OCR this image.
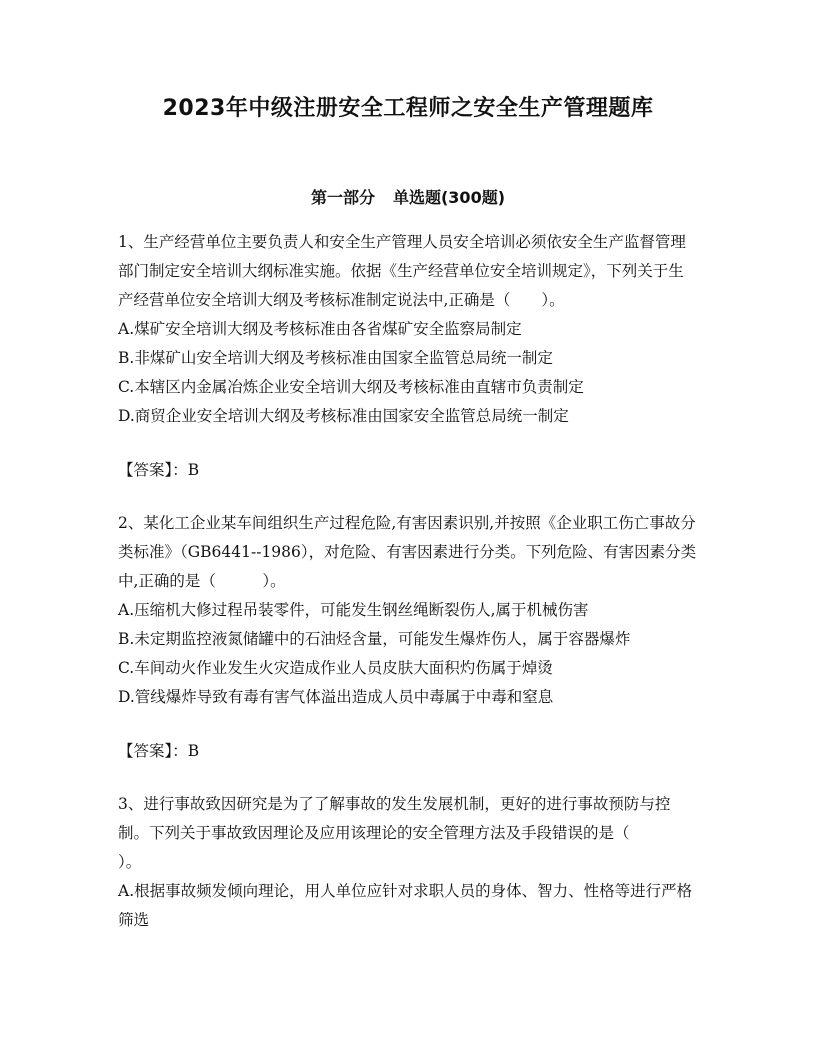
2023年中级注册安全工程师之安全生产管理题库
第一部分 单选题(300题)

1、生产经营单位主要负责人和安全生产管理人员安全培训必须依安全生产监督管理部门制定安全培训大纲标准实施。依据《生产经营单位安全培训规定》，下列关于生产经营单位安全培训大纲及考核标准制定说法中,正确是（　　）。

A.煤矿安全培训大纲及考核标准由各省煤矿安全监察局制定

B.非煤矿山安全培训大纲及考核标准由国家全监管总局统一制定

C.本辖区内金属冶炼企业安全培训大纲及考核标准由直辖市负责制定

D.商贸企业安全培训大纲及考核标准由国家安全监管总局统一制定

【答案】：B

2、某化工企业某车间组织生产过程危险,有害因素识别,并按照《企业职工伤亡事故分类标准》（GB6441--1986），对危险、有害因素进行分类。下列危险、有害因素分类中,正确的是（　　　）。

A.压缩机大修过程吊装零件，可能发生钢丝绳断裂伤人,属于机械伤害

B.未定期监控液氮储罐中的石油烃含量，可能发生爆炸伤人，属于容器爆炸

C.车间动火作业发生火灾造成作业人员皮肤大面积灼伤属于焯烫

D.管线爆炸导致有毒有害气体溢出造成人员中毒属于中毒和窒息

【答案】：B

3、进行事故致因研究是为了了解事故的发生发展机制，更好的进行事故预防与控制。下列关于事故致因理论及应用该理论的安全管理方法及手段错误的是（　　　）。

A.根据事故频发倾向理论，用人单位应针对求职人员的身体、智力、性格等进行严格筛选
